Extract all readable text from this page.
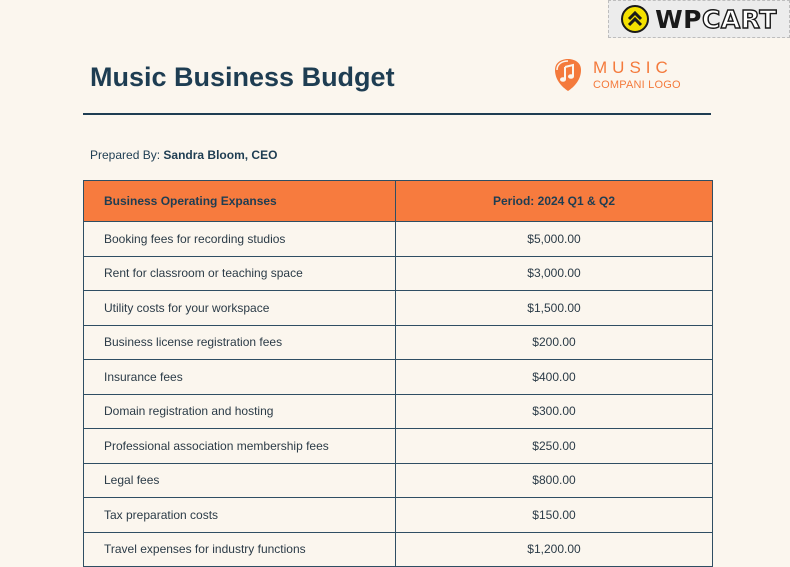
WPCART
Music Business Budget	MUSIC
COMPANI LOGO
Prepared By: Sandra Bloom, CEO
Business Operating Expanses	Period: 2024 Q1 & Q2
Booking fees for recording studios	$5,000.00
Rent for classroom or teaching space	$3,000.00
Utility costs for your workspace	$1,500.00
Business license registration fees	$200.00
Insurance fees	$400.00
Domain registration and hosting	$300.00
Professional association membership fees	$250.00
Legal fees	$800.00
Tax preparation costs	$150.00
Travel expenses for industry functions	$1,200.00
